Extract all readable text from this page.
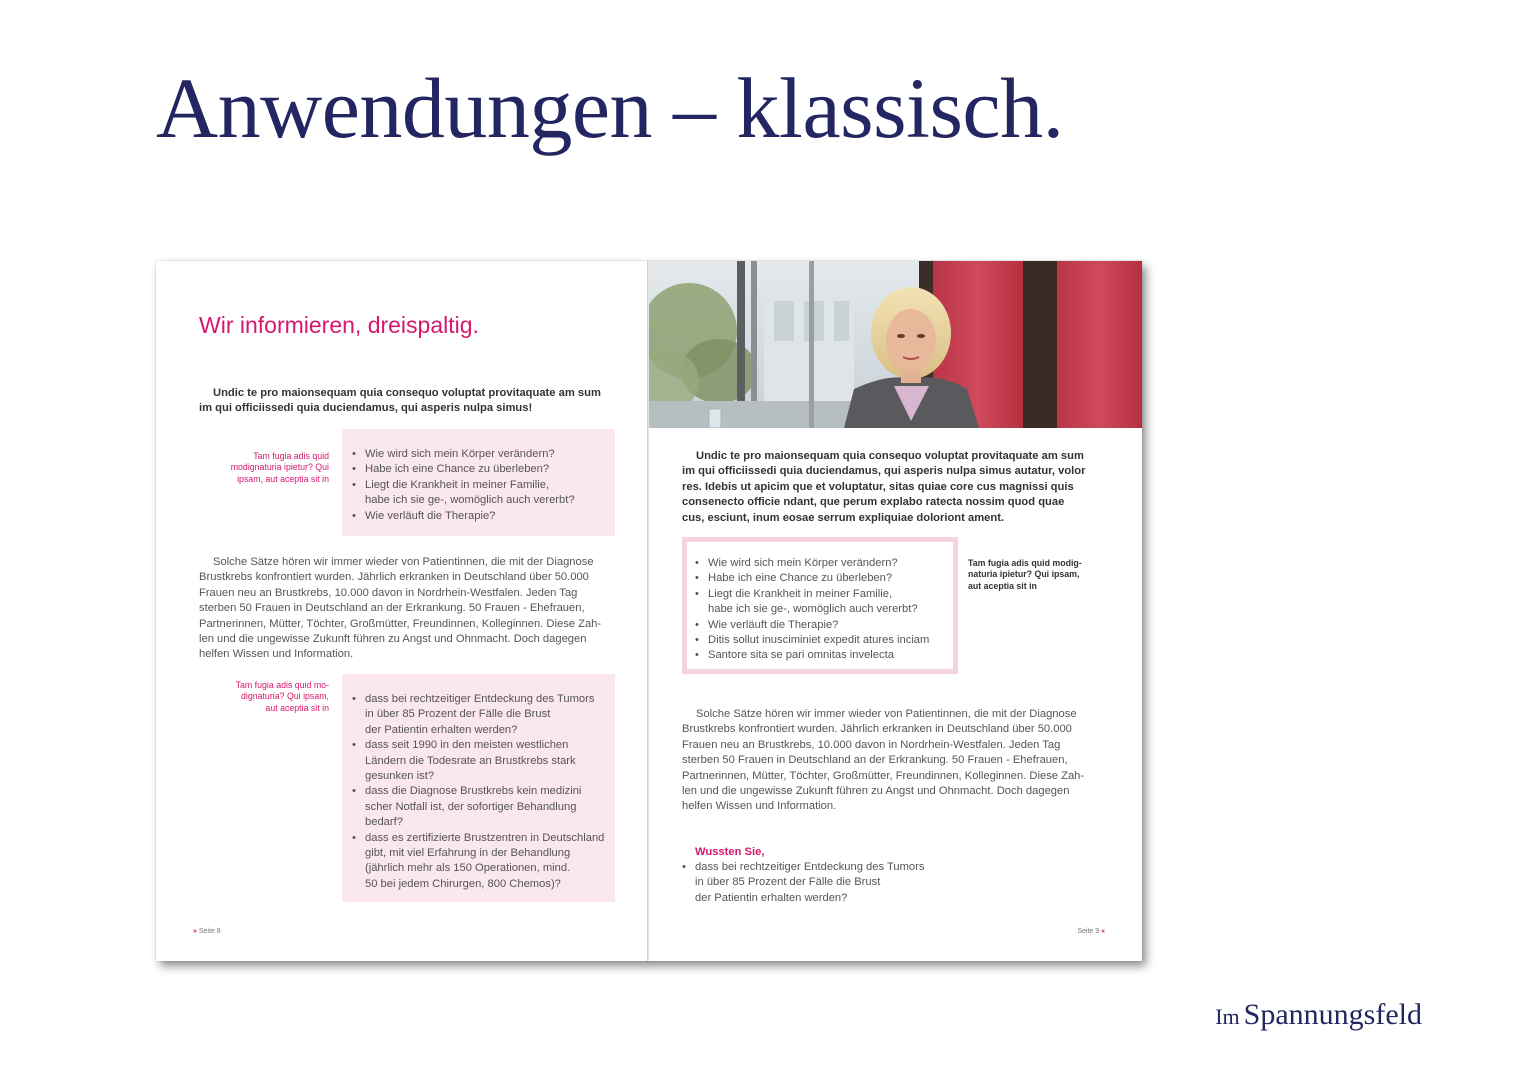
Anwendungen – klassisch.
Wir informieren, dreispaltig.
Undic te pro maionsequam quia consequo voluptat provitaquate am sum
im qui officiissedi quia duciendamus, qui asperis nulpa simus!
Tam fugia adis quid
modignaturia ipietur? Qui
ipsam, aut aceptia sit in
• Wie wird sich mein Körper verändern?
• Habe ich eine Chance zu überleben?
• Liegt die Krankheit in meiner Familie,
habe ich sie ge-, womöglich auch vererbt?
• Wie verläuft die Therapie?
Solche Sätze hören wir immer wieder von Patientinnen, die mit der Diagnose
Brustkrebs konfrontiert wurden. Jährlich erkranken in Deutschland über 50.000
Frauen neu an Brustkrebs, 10.000 davon in Nordrhein-Westfalen. Jeden Tag
sterben 50 Frauen in Deutschland an der Erkrankung. 50 Frauen - Ehefrauen,
Partnerinnen, Mütter, Töchter, Großmütter, Freundinnen, Kolleginnen. Diese Zah-
len und die ungewisse Zukunft führen zu Angst und Ohnmacht. Doch dagegen
helfen Wissen und Information.
Tam fugia adis quid mo-
dignaturia? Qui ipsam,
aut aceptia sit in
• dass bei rechtzeitiger Entdeckung des Tumors
in über 85 Prozent der Fälle die Brust
der Patientin erhalten werden?
• dass seit 1990 in den meisten westlichen
Ländern die Todesrate an Brustkrebs stark
gesunken ist?
• dass die Diagnose Brustkrebs kein medizini
scher Notfall ist, der sofortiger Behandlung
bedarf?
• dass es zertifizierte Brustzentren in Deutschland
gibt, mit viel Erfahrung in der Behandlung
(jährlich mehr als 150 Operationen, mind.
50 bei jedem Chirurgen, 800 Chemos)?
» Seite 8
Undic te pro maionsequam quia consequo voluptat provitaquate am sum
im qui officiissedi quia duciendamus, qui asperis nulpa simus autatur, volor
res. Idebis ut apicim que et voluptatur, sitas quiae core cus magnissi quis
consenecto officie ndant, que perum explabo ratecta nossim quod quae
cus, esciunt, inum eosae serrum expliquiae doloriont ament.
• Wie wird sich mein Körper verändern?
• Habe ich eine Chance zu überleben?
• Liegt die Krankheit in meiner Familie,
habe ich sie ge-, womöglich auch vererbt?
• Wie verläuft die Therapie?
• Ditis sollut inusciminiet expedit atures inciam
• Santore sita se pari omnitas invelecta
Tam fugia adis quid modig-
naturia ipietur? Qui ipsam,
aut aceptia sit in
Solche Sätze hören wir immer wieder von Patientinnen, die mit der Diagnose
Brustkrebs konfrontiert wurden. Jährlich erkranken in Deutschland über 50.000
Frauen neu an Brustkrebs, 10.000 davon in Nordrhein-Westfalen. Jeden Tag
sterben 50 Frauen in Deutschland an der Erkrankung. 50 Frauen - Ehefrauen,
Partnerinnen, Mütter, Töchter, Großmütter, Freundinnen, Kolleginnen. Diese Zah-
len und die ungewisse Zukunft führen zu Angst und Ohnmacht. Doch dagegen
helfen Wissen und Information.
Wussten Sie,
• dass bei rechtzeitiger Entdeckung des Tumors
in über 85 Prozent der Fälle die Brust
der Patientin erhalten werden?
Seite 9 «
Im Spannungsfeld
